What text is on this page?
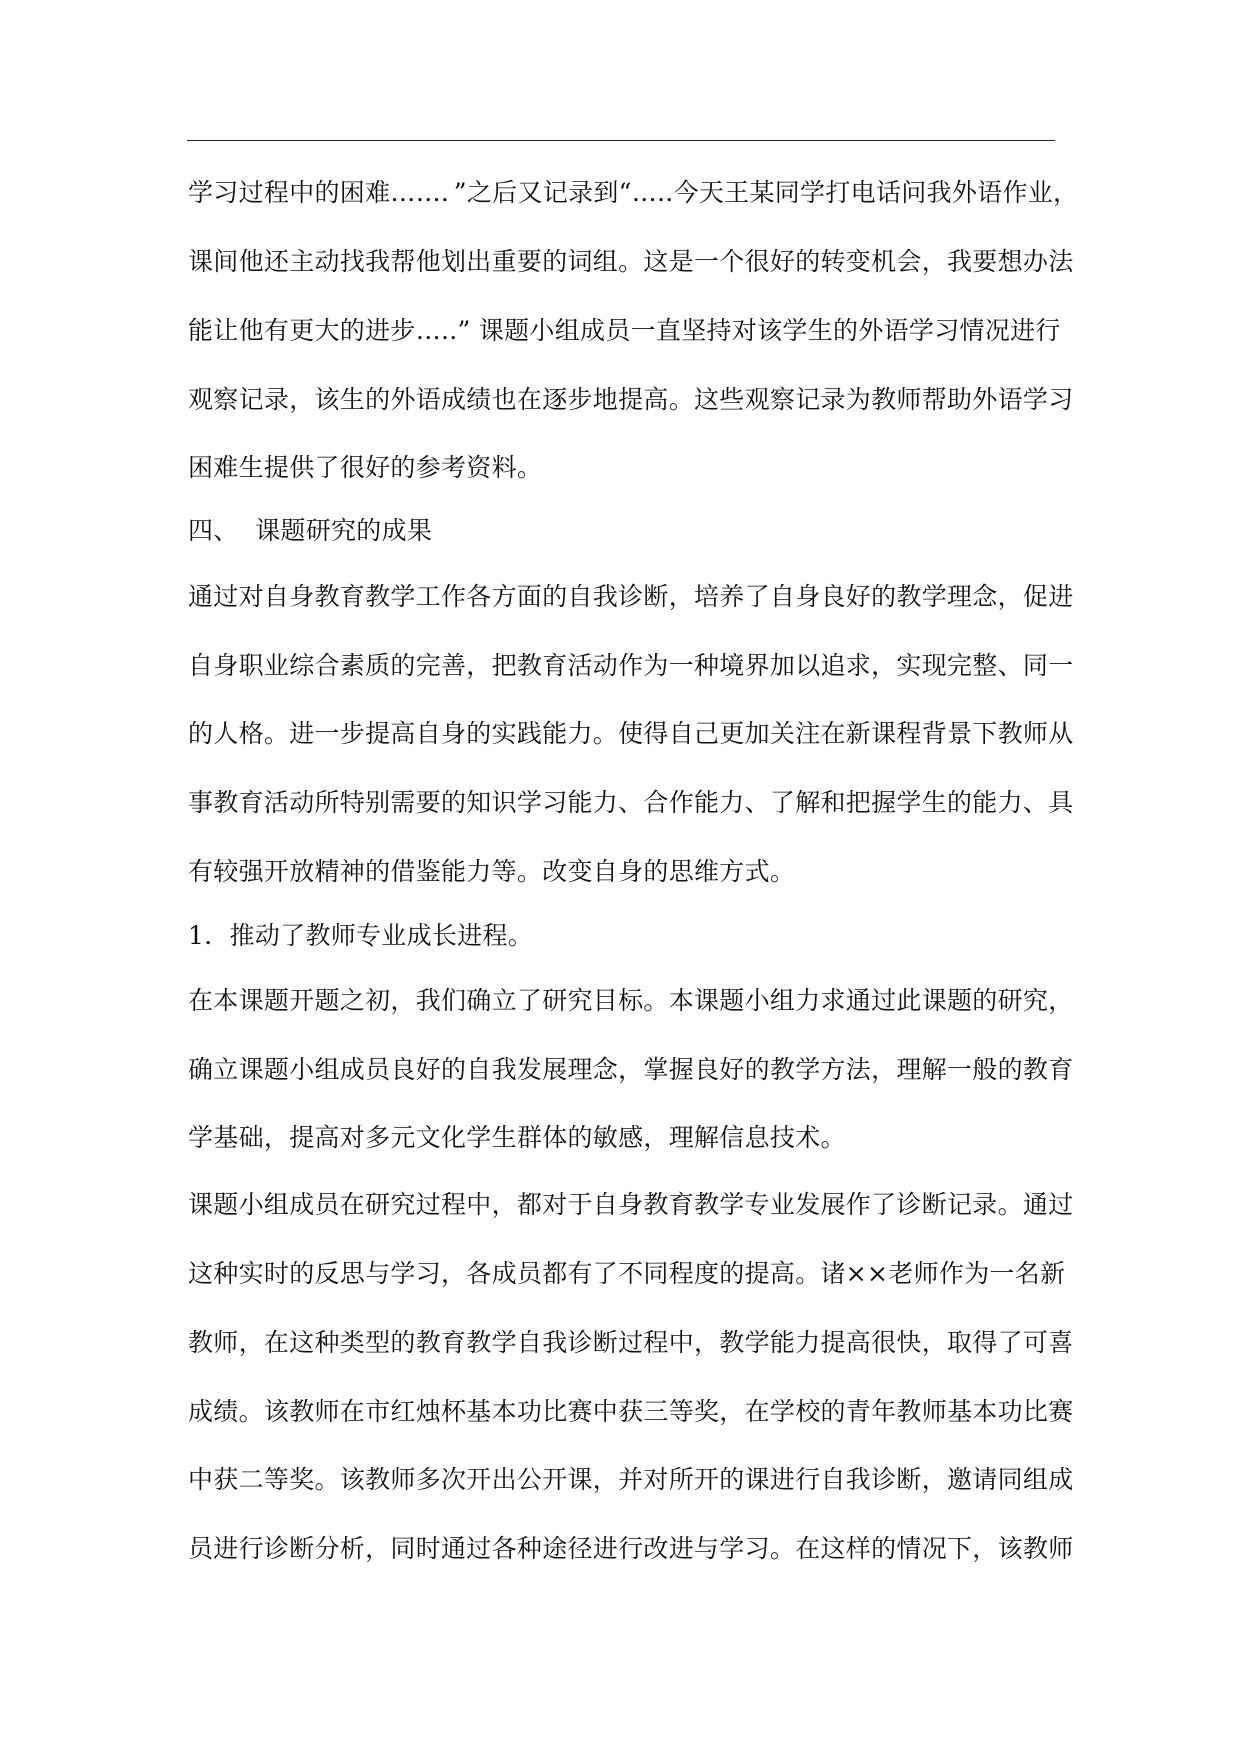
学习过程中的困难……．”之后又记录到“…..今天王某同学打电话问我外语作业，
课间他还主动找我帮他划出重要的词组。这是一个很好的转变机会，我要想办法
能让他有更大的进步…..” 课题小组成员一直坚持对该学生的外语学习情况进行
观察记录，该生的外语成绩也在逐步地提高。这些观察记录为教师帮助外语学习
困难生提供了很好的参考资料。
四、  课题研究的成果
通过对自身教育教学工作各方面的自我诊断，培养了自身良好的教学理念，促进
自身职业综合素质的完善，把教育活动作为一种境界加以追求，实现完整、同一
的人格。进一步提高自身的实践能力。使得自己更加关注在新课程背景下教师从
事教育活动所特别需要的知识学习能力、合作能力、了解和把握学生的能力、具
有较强开放精神的借鉴能力等。改变自身的思维方式。
1．推动了教师专业成长进程。
在本课题开题之初，我们确立了研究目标。本课题小组力求通过此课题的研究，
确立课题小组成员良好的自我发展理念，掌握良好的教学方法，理解一般的教育
学基础，提高对多元文化学生群体的敏感，理解信息技术。
课题小组成员在研究过程中，都对于自身教育教学专业发展作了诊断记录。通过
这种实时的反思与学习，各成员都有了不同程度的提高。诸××老师作为一名新
教师，在这种类型的教育教学自我诊断过程中，教学能力提高很快，取得了可喜
成绩。该教师在市红烛杯基本功比赛中获三等奖，在学校的青年教师基本功比赛
中获二等奖。该教师多次开出公开课，并对所开的课进行自我诊断，邀请同组成
员进行诊断分析，同时通过各种途径进行改进与学习。在这样的情况下，该教师
